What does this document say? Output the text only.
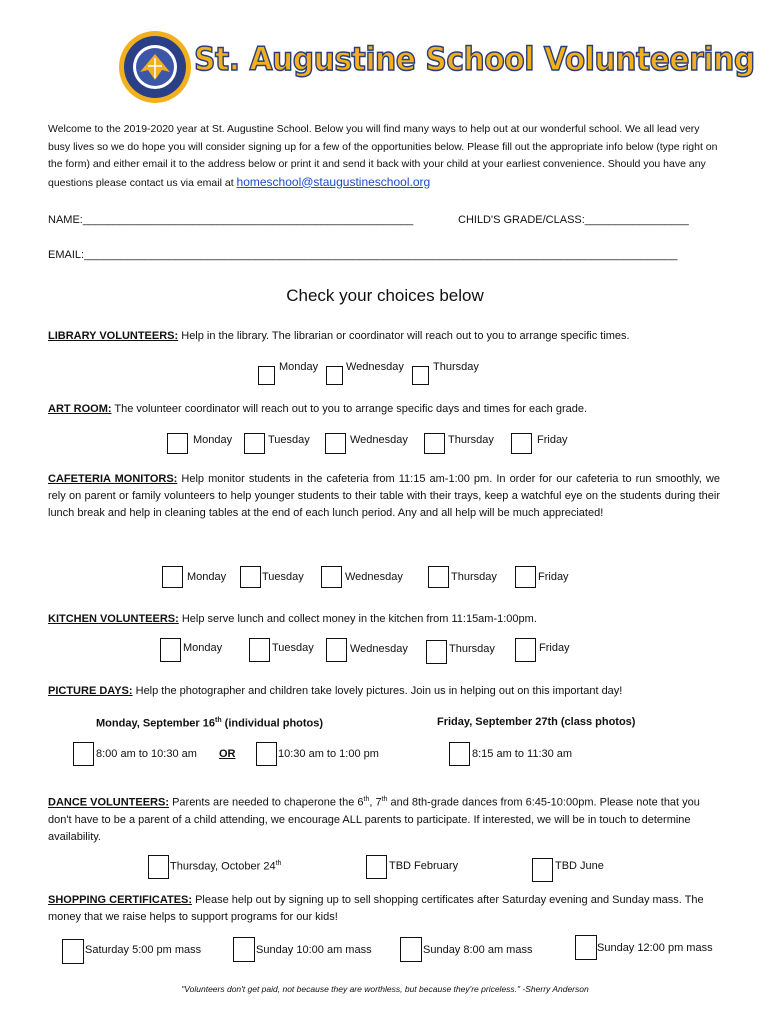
St. Augustine School Volunteering
Welcome to the 2019-2020 year at St. Augustine School. Below you will find many ways to help out at our wonderful school. We all lead very busy lives so we do hope you will consider signing up for a few of the opportunities below. Please fill out the appropriate info below (type right on the form) and either email it to the address below or print it and send it back with your child at your earliest convenience. Should you have any questions please contact us via email at homeschool@staugustineschool.org
NAME:______________________________________________________	CHILD'S GRADE/CLASS:_________________
EMAIL:_________________________________________________________________________________________________
Check your choices below
LIBRARY VOLUNTEERS: Help in the library. The librarian or coordinator will reach out to you to arrange specific times.
Monday	Wednesday	Thursday
ART ROOM: The volunteer coordinator will reach out to you to arrange specific days and times for each grade.
Monday	Tuesday	Wednesday	Thursday	Friday
CAFETERIA MONITORS: Help monitor students in the cafeteria from 11:15 am-1:00 pm. In order for our cafeteria to run smoothly, we rely on parent or family volunteers to help younger students to their table with their trays, keep a watchful eye on the students during their lunch break and help in cleaning tables at the end of each lunch period. Any and all help will be much appreciated!
Monday	Tuesday	Wednesday	Thursday	Friday
KITCHEN VOLUNTEERS: Help serve lunch and collect money in the kitchen from 11:15am-1:00pm.
Monday	Tuesday	Wednesday	Thursday	Friday
PICTURE DAYS: Help the photographer and children take lovely pictures. Join us in helping out on this important day!
Monday, September 16th (individual photos)	Friday, September 27th (class photos)
8:00 am to 10:30 am OR	10:30 am to 1:00 pm	8:15 am to 11:30 am
DANCE VOLUNTEERS: Parents are needed to chaperone the 6th, 7th and 8th-grade dances from 6:45-10:00pm. Please note that you don't have to be a parent of a child attending, we encourage ALL parents to participate. If interested, we will be in touch to determine availability.
Thursday, October 24th	TBD February	TBD June
SHOPPING CERTIFICATES: Please help out by signing up to sell shopping certificates after Saturday evening and Sunday mass. The money that we raise helps to support programs for our kids!
Saturday 5:00 pm mass	Sunday 10:00 am mass	Sunday 8:00 am mass	Sunday 12:00 pm mass
"Volunteers don't get paid, not because they are worthless, but because they're priceless." -Sherry Anderson
